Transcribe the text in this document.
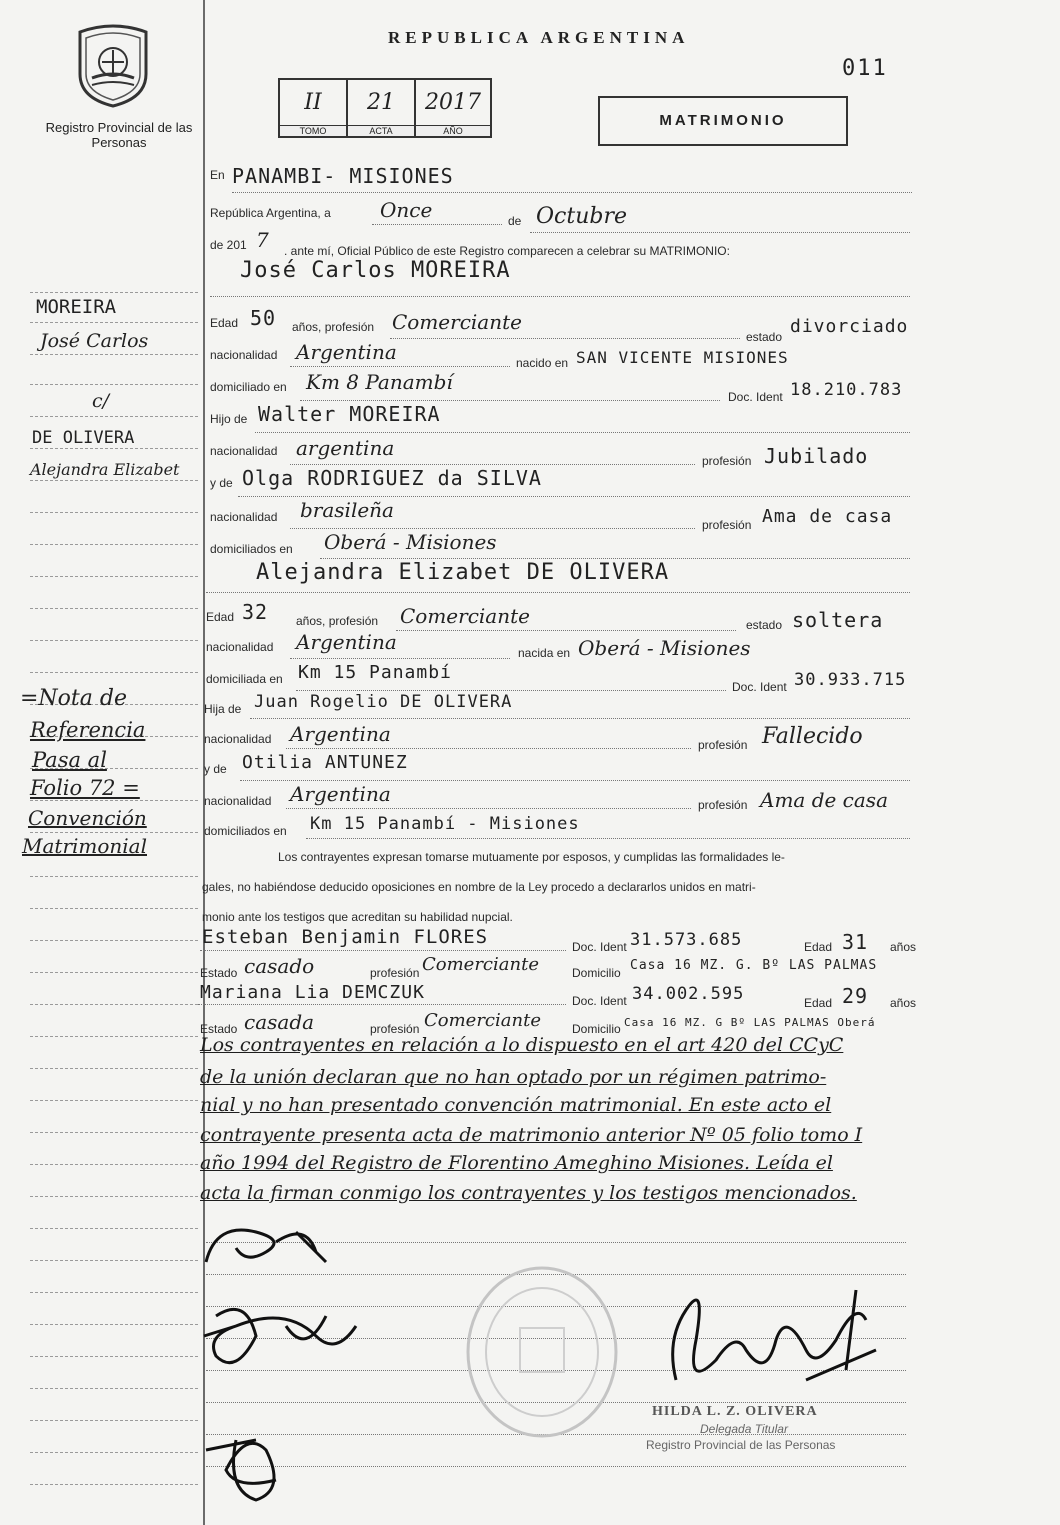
Registro Provincial de las Personas
MOREIRA
José Carlos
c/
DE OLIVERA
Alejandra Elizabet
=Nota de
Referencia
Pasa al
Folio 72 =
Convención
Matrimonial
REPUBLICA ARGENTINA
011
II
TOMO
21
ACTA
2017
AÑO
MATRIMONIO
En PANAMBI- MISIONES
República Argentina, a Once	de Octubre
de 201 7 . ante mí, Oficial Público de este Registro comparecen a celebrar su MATRIMONIO:
José Carlos MOREIRA
Edad 50 años, profesión Comerciante
estado divorciado
nacionalidad Argentina	nacido en SAN VICENTE MISIONES
domiciliado en Km 8 Panambí
Doc. Ident 18.210.783
Hijo de Walter MOREIRA
nacionalidad argentina
profesión Jubilado
y de Olga RODRIGUEZ da SILVA
nacionalidad brasileña
profesión Ama de casa
domiciliados en Oberá - Misiones
Alejandra Elizabet DE OLIVERA
Edad 32 años, profesión Comerciante	estado soltera
nacionalidad Argentina	nacida en Oberá - Misiones
domiciliada en Km 15 Panambí
Doc. Ident 30.933.715
Hija de Juan Rogelio DE OLIVERA
nacionalidad Argentina	profesión Fallecido
y de Otilia ANTUNEZ
nacionalidad Argentina	profesión Ama de casa
domiciliados en Km 15 Panambí - Misiones
Los contrayentes expresan tomarse mutuamente por esposos, y cumplidas las formalidades le-
gales, no habiéndose deducido oposiciones en nombre de la Ley procedo a declararlos unidos en matri-
monio ante los testigos que acreditan su habilidad nupcial.
Esteban Benjamin FLORES	Doc. Ident 31.573.685	Edad 31 años
Estado casado	profesión Comerciante	Domicilio Casa 16 MZ. G. Bº LAS PALMAS
Mariana Lia DEMCZUK	Doc. Ident 34.002.595	Edad 29 años
Estado casada	profesión Comerciante	Domicilio Casa 16 MZ. G Bº LAS PALMAS Oberá
Los contrayentes en relación a lo dispuesto en el art 420 del CCyC
de la unión declaran que no han optado por un régimen patrimo-
nial y no han presentado convención matrimonial. En este acto el
contrayente presenta acta de matrimonio anterior Nº 05 folio tomo I
año 1994 del Registro de Florentino Ameghino Misiones. Leída el
acta la firman conmigo los contrayentes y los testigos mencionados.
HILDA L. Z. OLIVERA
Delegada Titular
Registro Provincial de las Personas
